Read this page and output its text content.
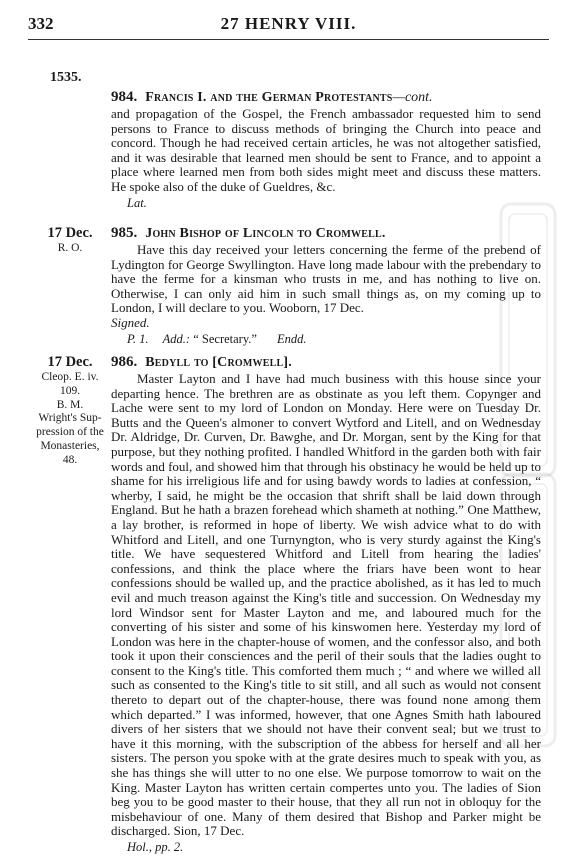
332	27 HENRY VIII.
1535.
984. Francis I. and the German Protestants—cont.

and propagation of the Gospel, the French ambassador requested him to send persons to France to discuss methods of bringing the Church into peace and concord. Though he had received certain articles, he was not altogether satisfied, and it was desirable that learned men should be sent to France, and to appoint a place where learned men from both sides might meet and discuss these matters. He spoke also of the duke of Gueldres, &c.

Lat.
17 Dec.
R. O.
985. John Bishop of Lincoln to Cromwell.

Have this day received your letters concerning the ferme of the prebend of Lydington for George Swyllington. Have long made labour with the prebendary to have the ferme for a kinsman who trusts in me, and has nothing to live on. Otherwise, I can only aid him in such small things as, on my coming up to London, I will declare to you. Wooborn, 17 Dec.

Signed.
P. 1. Add.: “ Secretary.” Endd.
17 Dec.
Cleop. E. iv.
109.
B. M.
Wright's Sup-
pression of the
Monasteries,
48.
986. Bedyll to [Cromwell].

Master Layton and I have had much business with this house since your departing hence. The brethren are as obstinate as you left them. Copynger and Lache were sent to my lord of London on Monday. Here were on Tuesday Dr. Butts and the Queen's almoner to convert Wytford and Litell, and on Wednesday Dr. Aldridge, Dr. Curven, Dr. Bawghe, and Dr. Morgan, sent by the King for that purpose, but they nothing profited. I handled Whitford in the garden both with fair words and foul, and showed him that through his obstinacy he would be held up to shame for his irreligious life and for using bawdy words to ladies at confession, “ wherby, I said, he might be the occasion that shrift shall be laid down through England. But he hath a brazen forehead which shameth at nothing.” One Matthew, a lay brother, is reformed in hope of liberty. We wish advice what to do with Whitford and Litell, and one Turnyngton, who is very sturdy against the King's title. We have sequestered Whitford and Litell from hearing the ladies' confessions, and think the place where the friars have been wont to hear confessions should be walled up, and the practice abolished, as it has led to much evil and much treason against the King's title and succession. On Wednesday my lord Windsor sent for Master Layton and me, and laboured much for the converting of his sister and some of his kinswomen here. Yesterday my lord of London was here in the chapter-house of women, and the confessor also, and both took it upon their consciences and the peril of their souls that the ladies ought to consent to the King's title. This comforted them much ; “ and where we willed all such as consented to the King's title to sit still, and all such as would not consent thereto to depart out of the chapter-house, there was found none among them which departed.” I was informed, however, that one Agnes Smith hath laboured divers of her sisters that we should not have their convent seal; but we trust to have it this morning, with the subscription of the abbess for herself and all her sisters. The person you spoke with at the grate desires much to speak with you, as she has things she will utter to no one else. We purpose tomorrow to wait on the King. Master Layton has written certain compertes unto you. The ladies of Sion beg you to be good master to their house, that they all run not in obloquy for the misbehaviour of one. Many of them desired that Bishop and Parker might be discharged. Sion, 17 Dec.

Hol., pp. 2.
